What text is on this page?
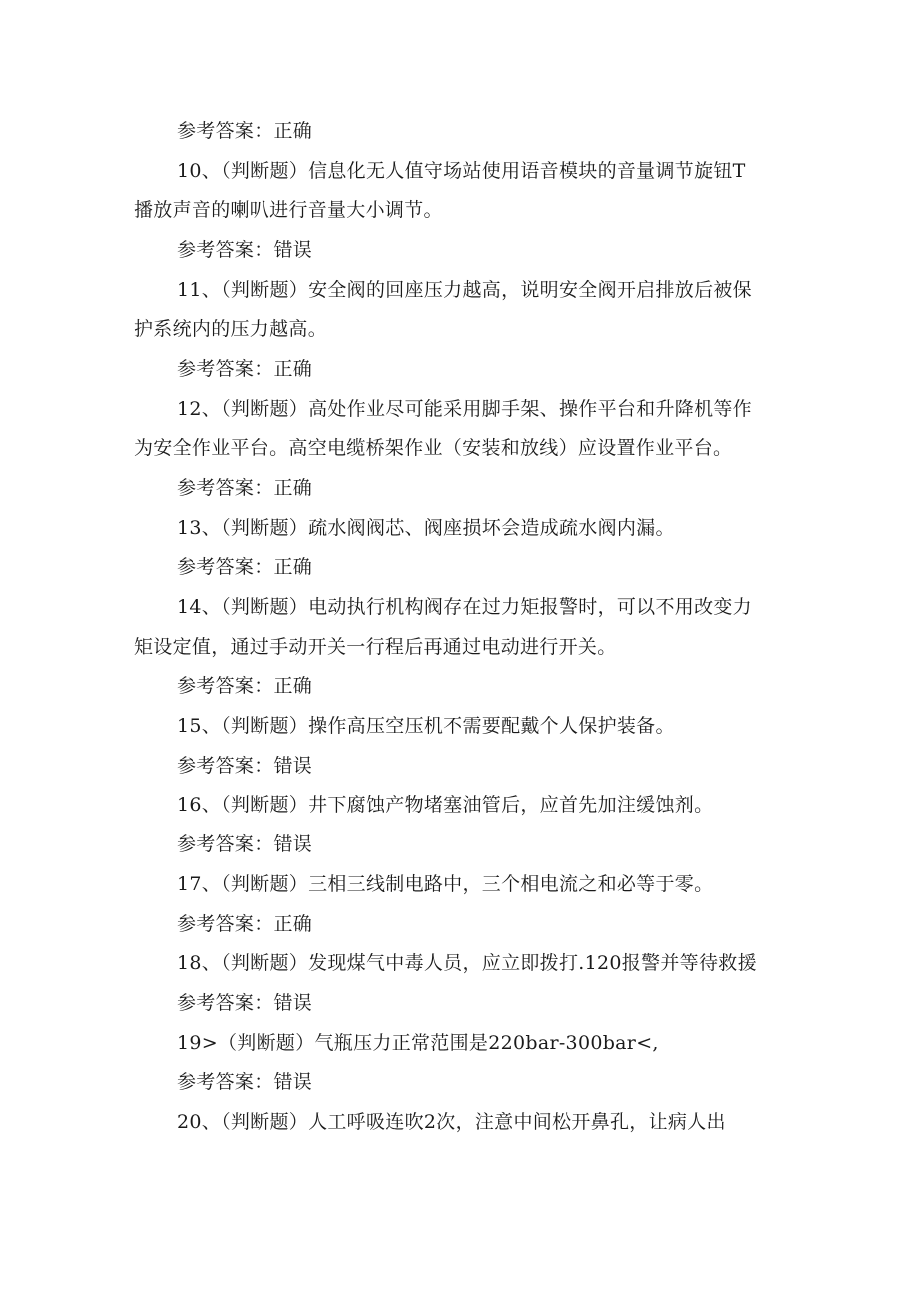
参考答案：正确
10、（判断题）信息化无人值守场站使用语音模块的音量调节旋钮T
播放声音的喇叭进行音量大小调节。
参考答案：错误
11、（判断题）安全阀的回座压力越高，说明安全阀开启排放后被保
护系统内的压力越高。
参考答案：正确
12、（判断题）高处作业尽可能采用脚手架、操作平台和升降机等作
为安全作业平台。高空电缆桥架作业（安装和放线）应设置作业平台。
参考答案：正确
13、（判断题）疏水阀阀芯、阀座损坏会造成疏水阀内漏。
参考答案：正确
14、（判断题）电动执行机构阀存在过力矩报警时，可以不用改变力
矩设定值，通过手动开关一行程后再通过电动进行开关。
参考答案：正确
15、（判断题）操作高压空压机不需要配戴个人保护装备。
参考答案：错误
16、（判断题）井下腐蚀产物堵塞油管后，应首先加注缓蚀剂。
参考答案：错误
17、（判断题）三相三线制电路中，三个相电流之和必等于零。
参考答案：正确
18、（判断题）发现煤气中毒人员，应立即拨打.120报警并等待救援
参考答案：错误
19>（判断题）气瓶压力正常范围是220bar-300bar<,
参考答案：错误
20、（判断题）人工呼吸连吹2次，注意中间松开鼻孔，让病人出
